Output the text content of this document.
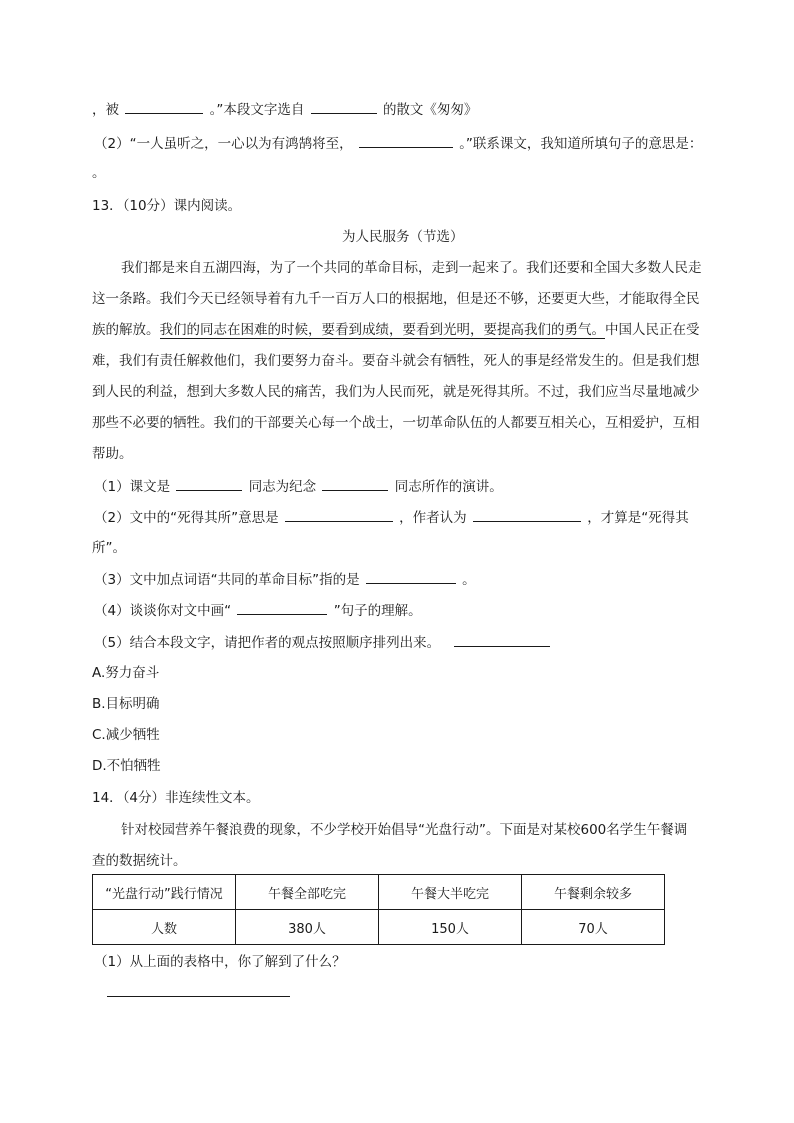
，被	。”本段文字选自	的散文《匆匆》
（2）“一人虽听之，一心以为有鸿鹄将至，	。”联系课文，我知道所填句子的意思是：
。
13．（10分）课内阅读。
为人民服务（节选）
我们都是来自五湖四海，为了一个共同的革命目标，走到一起来了。我们还要和全国大多数人民走
这一条路。我们今天已经领导着有九千一百万人口的根据地，但是还不够，还要更大些，才能取得全民
族的解放。我们的同志在困难的时候，要看到成绩，要看到光明，要提高我们的勇气。中国人民正在受
难，我们有责任解救他们，我们要努力奋斗。要奋斗就会有牺牲，死人的事是经常发生的。但是我们想
到人民的利益，想到大多数人民的痛苦，我们为人民而死，就是死得其所。不过，我们应当尽量地减少
那些不必要的牺牲。我们的干部要关心每一个战士，一切革命队伍的人都要互相关心，互相爱护，互相
帮助。
（1）课文是	同志为纪念	同志所作的演讲。
（2）文中的“死得其所”意思是	，作者认为	，才算是“死得其
所”。
（3）文中加点词语“共同的革命目标”指的是	。
（4）谈谈你对文中画“	”句子的理解。
（5）结合本段文字，请把作者的观点按照顺序排列出来。
A.努力奋斗
B.目标明确
C.减少牺牲
D.不怕牺牲
14．（4分）非连续性文本。
针对校园营养午餐浪费的现象，不少学校开始倡导“光盘行动”。下面是对某校600名学生午餐调
查的数据统计。
“光盘行动”践行情况	午餐全部吃完	午餐大半吃完	午餐剩余较多
人数	380人	150人	70人
（1）从上面的表格中，你了解到了什么？
